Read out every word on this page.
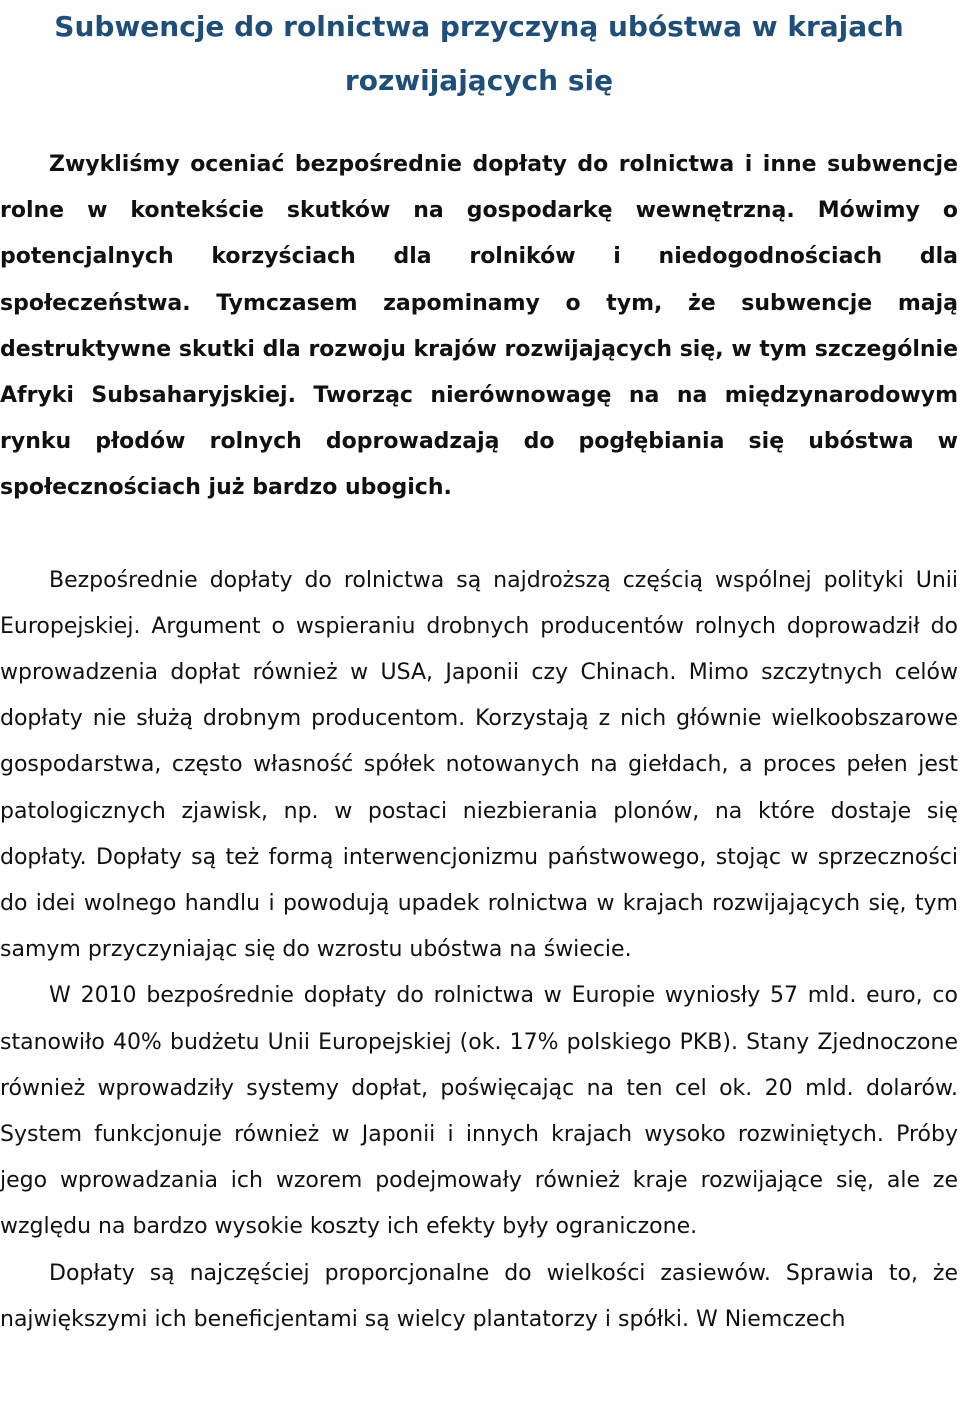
Subwencje do rolnictwa przyczyną ubóstwa w krajach
rozwijających się

Zwykliśmy oceniać bezpośrednie dopłaty do rolnictwa i inne subwencje rolne w kontekście skutków na gospodarkę wewnętrzną. Mówimy o potencjalnych korzyściach dla rolników i niedogodnościach dla społeczeństwa. Tymczasem zapominamy o tym, że subwencje mają destruktywne skutki dla rozwoju krajów rozwijających się, w tym szczególnie Afryki Subsaharyjskiej. Tworząc nierównowagę na na międzynarodowym rynku płodów rolnych doprowadzają do pogłębiania się ubóstwa w społecznościach już bardzo ubogich.

Bezpośrednie dopłaty do rolnictwa są najdroższą częścią wspólnej polityki Unii Europejskiej. Argument o wspieraniu drobnych producentów rolnych doprowadził do wprowadzenia dopłat również w USA, Japonii czy Chinach. Mimo szczytnych celów dopłaty nie służą drobnym producentom. Korzystają z nich głównie wielkoobszarowe gospodarstwa, często własność spółek notowanych na giełdach, a proces pełen jest patologicznych zjawisk, np. w postaci niezbierania plonów, na które dostaje się dopłaty. Dopłaty są też formą interwencjonizmu państwowego, stojąc w sprzeczności do idei wolnego handlu i powodują upadek rolnictwa w krajach rozwijających się, tym samym przyczyniając się do wzrostu ubóstwa na świecie.

W 2010 bezpośrednie dopłaty do rolnictwa w Europie wyniosły 57 mld. euro, co stanowiło 40% budżetu Unii Europejskiej (ok. 17% polskiego PKB). Stany Zjednoczone również wprowadziły systemy dopłat, poświęcając na ten cel ok. 20 mld. dolarów. System funkcjonuje również w Japonii i innych krajach wysoko rozwiniętych. Próby jego wprowadzania ich wzorem podejmowały również kraje rozwijające się, ale ze względu na bardzo wysokie koszty ich efekty były ograniczone.

Dopłaty są najczęściej proporcjonalne do wielkości zasiewów. Sprawia to, że największymi ich beneficjentami są wielcy plantatorzy i spółki. W Niemczech
